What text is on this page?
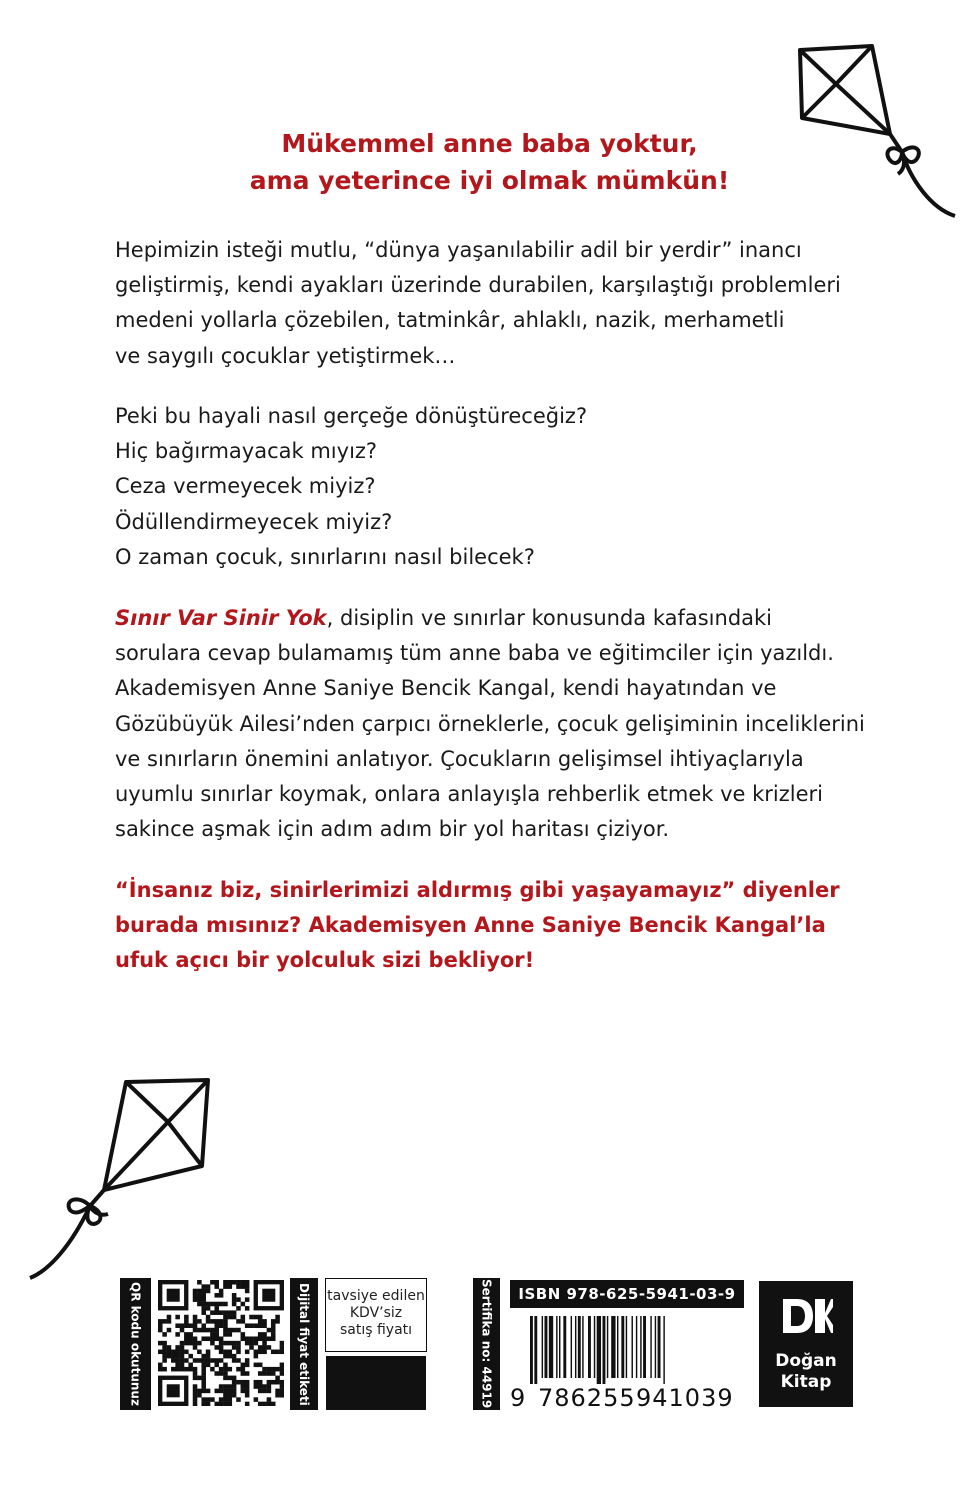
Mükemmel anne baba yoktur,
ama yeterince iyi olmak mümkün!
Hepimizin isteği mutlu, “dünya yaşanılabilir adil bir yerdir” inancı
geliştirmiş, kendi ayakları üzerinde durabilen, karşılaştığı problemleri
medeni yollarla çözebilen, tatminkâr, ahlaklı, nazik, merhametli
ve saygılı çocuklar yetiştirmek…
Peki bu hayali nasıl gerçeğe dönüştüreceğiz?
Hiç bağırmayacak mıyız?
Ceza vermeyecek miyiz?
Ödüllendirmeyecek miyiz?
O zaman çocuk, sınırlarını nasıl bilecek?
Sınır Var Sinir Yok, disiplin ve sınırlar konusunda kafasındaki
sorulara cevap bulamamış tüm anne baba ve eğitimciler için yazıldı.
Akademisyen Anne Saniye Bencik Kangal, kendi hayatından ve
Gözübüyük Ailesi’nden çarpıcı örneklerle, çocuk gelişiminin inceliklerini
ve sınırların önemini anlatıyor. Çocukların gelişimsel ihtiyaçlarıyla
uyumlu sınırlar koymak, onlara anlayışla rehberlik etmek ve krizleri
sakince aşmak için adım adım bir yol haritası çiziyor.
“İnsanız biz, sinirlerimizi aldırmış gibi yaşayamayız” diyenler
burada mısınız? Akademisyen Anne Saniye Bencik Kangal’la
ufuk açıcı bir yolculuk sizi bekliyor!
QR kodu okutunuz	Dijital fiyat etiketi tavsiye edilen
KDV’siz
satış fiyatı	Sertifika no: 44919	ISBN 978-625-5941-03-9
9 786255 941039
Doğan
Kitap
